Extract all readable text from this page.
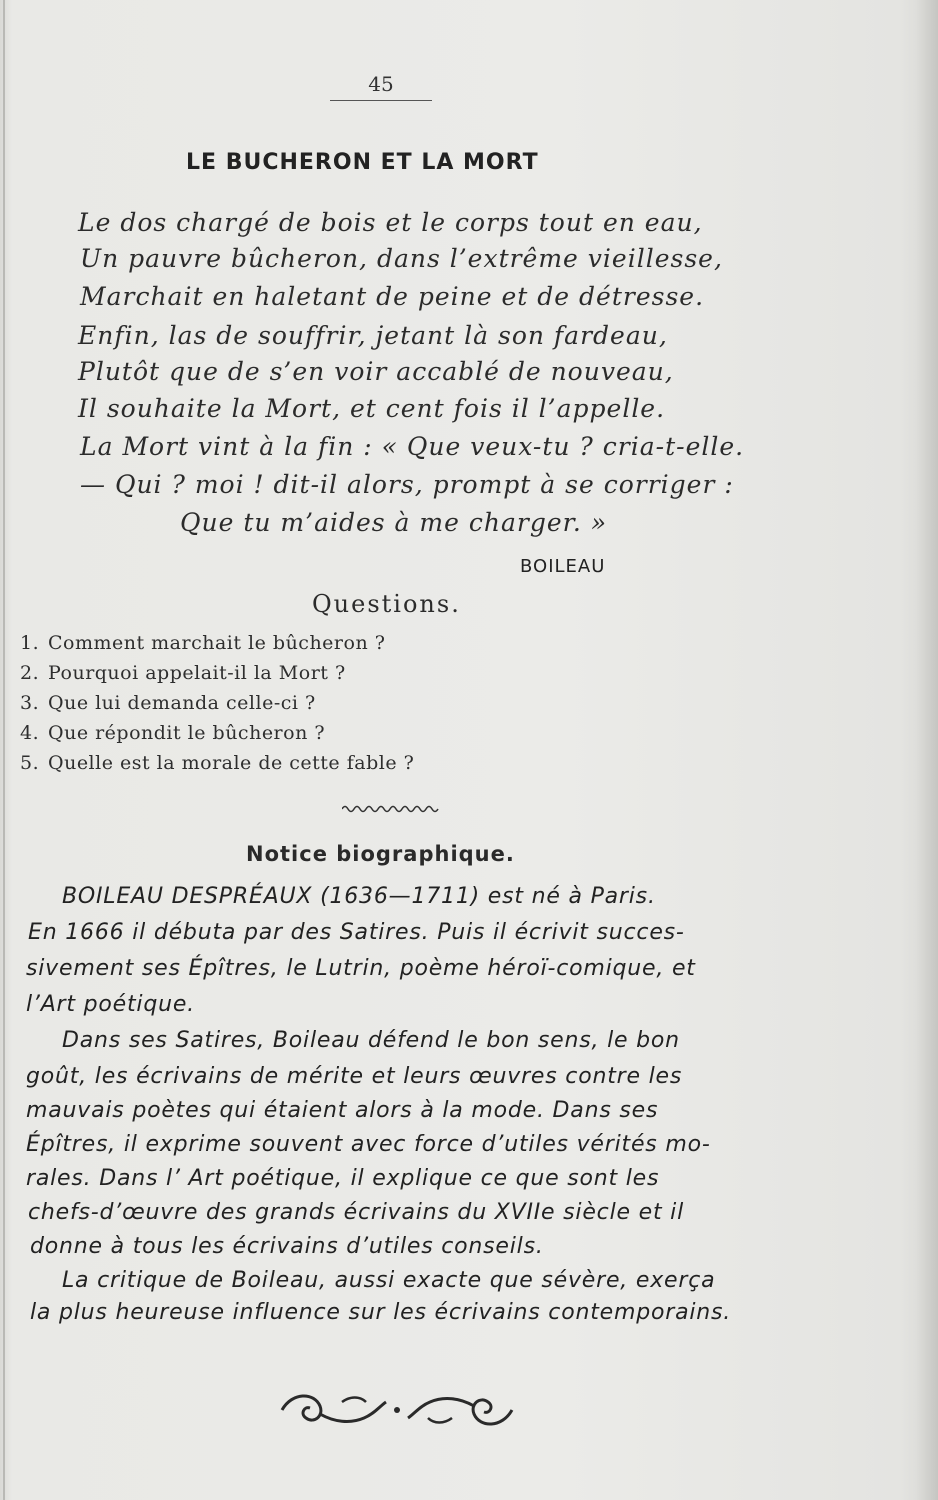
45
LE BUCHERON ET LA MORT
Le dos chargé de bois et le corps tout en eau,
Un pauvre bûcheron, dans l’extrême vieillesse,
Marchait en haletant de peine et de détresse.
Enfin, las de souffrir, jetant là son fardeau,
Plutôt que de s’en voir accablé de nouveau,
Il souhaite la Mort, et cent fois il l’appelle.
La Mort vint à la fin : « Que veux-tu ? cria-t-elle.
— Qui ? moi ! dit-il alors, prompt à se corriger :
Que tu m’aides à me charger. »
BOILEAU
Questions.
1. Comment marchait le bûcheron ?
2. Pourquoi appelait-il la Mort ?
3. Que lui demanda celle-ci ?
4. Que répondit le bûcheron ?
5. Quelle est la morale de cette fable ?
Notice biographique.
BOILEAU DESPRÉAUX (1636—1711) est né à Paris.
En 1666 il débuta par des Satires. Puis il écrivit succes-
sivement ses Épîtres, le Lutrin, poème héroï-comique, et
l’Art poétique.
Dans ses Satires, Boileau défend le bon sens, le bon
goût, les écrivains de mérite et leurs œuvres contre les
mauvais poètes qui étaient alors à la mode. Dans ses
Épîtres, il exprime souvent avec force d’utiles vérités mo-
rales. Dans l’ Art poétique, il explique ce que sont les
chefs-d’œuvre des grands écrivains du XVIIe siècle et il
donne à tous les écrivains d’utiles conseils.
La critique de Boileau, aussi exacte que sévère, exerça
la plus heureuse influence sur les écrivains contemporains.
